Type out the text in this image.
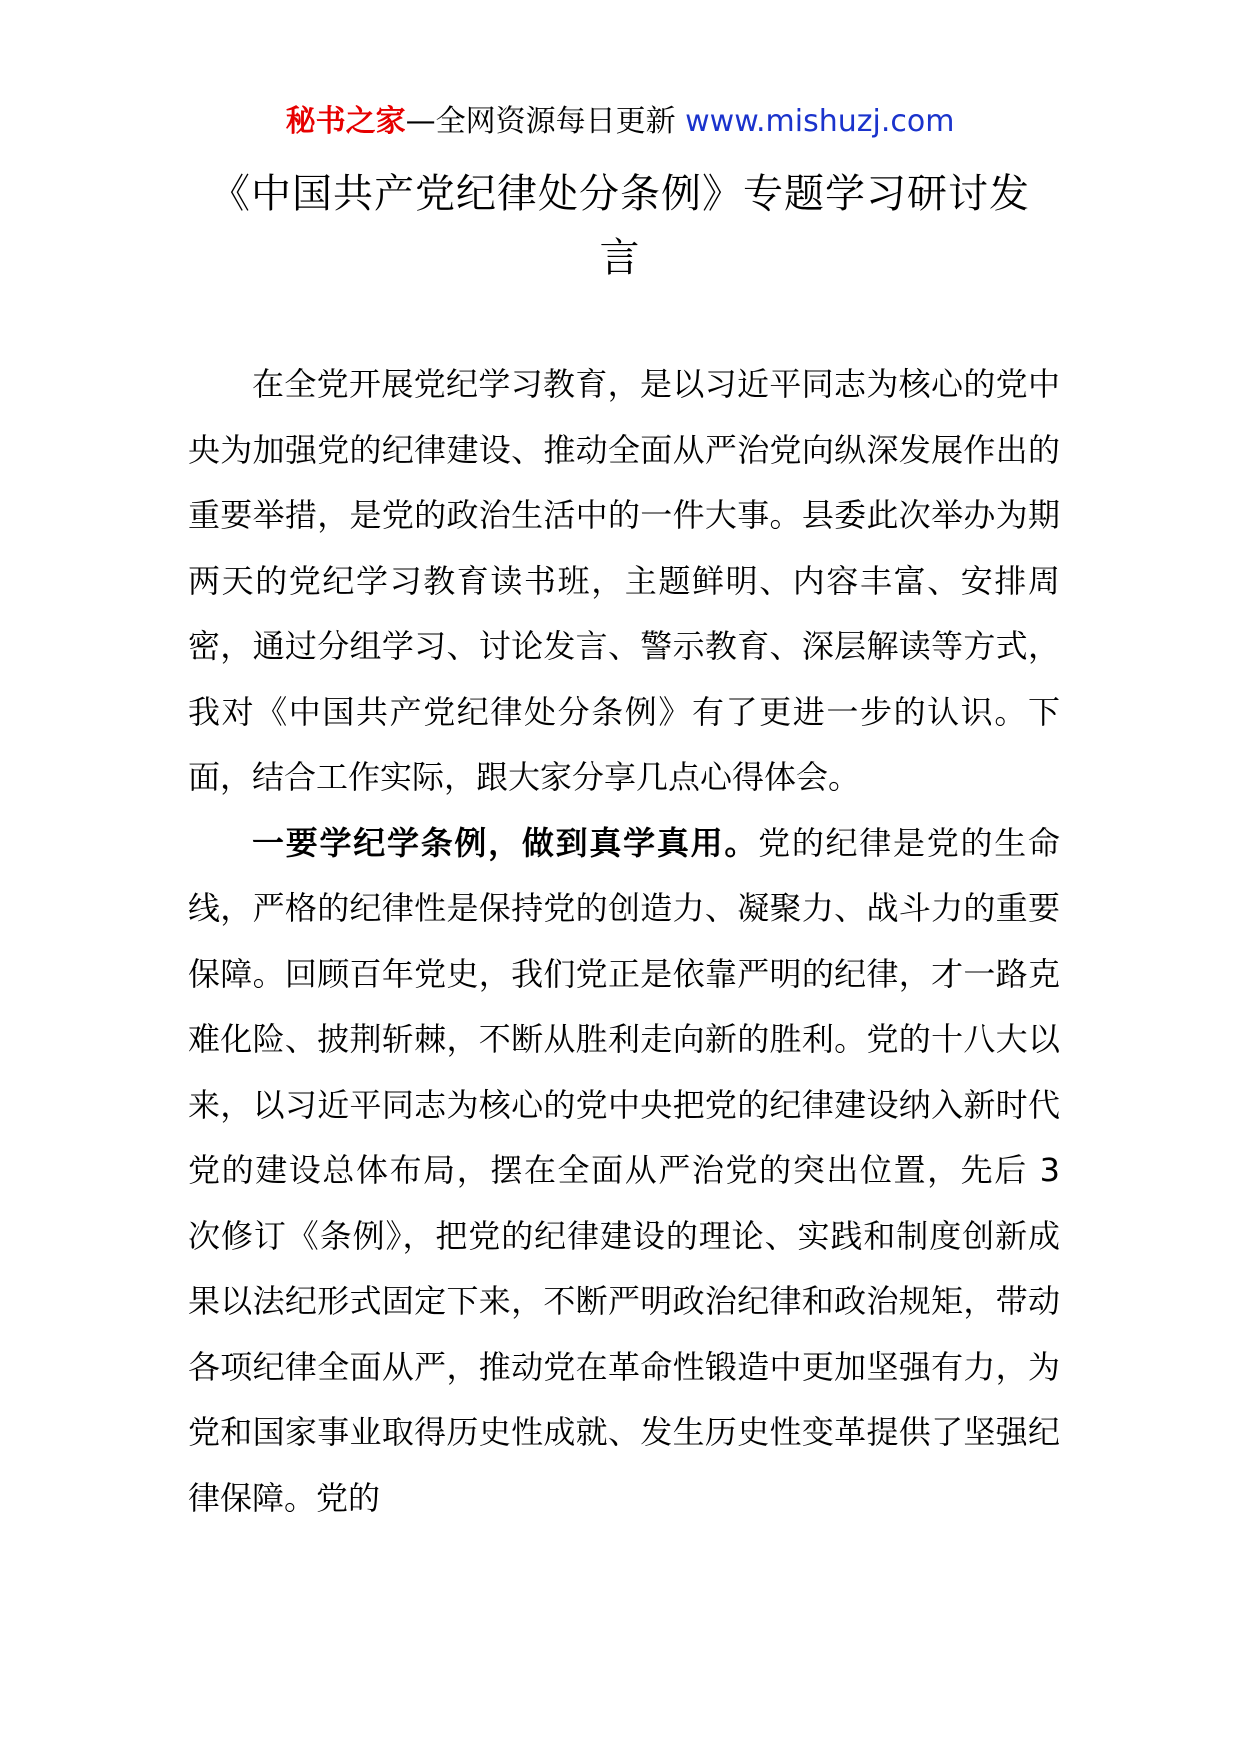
秘书之家—全网资源每日更新 www.mishuzj.com
《中国共产党纪律处分条例》专题学习研讨发言

在全党开展党纪学习教育，是以习近平同志为核心的党中央为加强党的纪律建设、推动全面从严治党向纵深发展作出的重要举措，是党的政治生活中的一件大事。县委此次举办为期两天的党纪学习教育读书班，主题鲜明、内容丰富、安排周密，通过分组学习、讨论发言、警示教育、深层解读等方式，我对《中国共产党纪律处分条例》有了更进一步的认识。下面，结合工作实际，跟大家分享几点心得体会。

一要学纪学条例，做到真学真用。党的纪律是党的生命线，严格的纪律性是保持党的创造力、凝聚力、战斗力的重要保障。回顾百年党史，我们党正是依靠严明的纪律，才一路克难化险、披荆斩棘，不断从胜利走向新的胜利。党的十八大以来，以习近平同志为核心的党中央把党的纪律建设纳入新时代党的建设总体布局，摆在全面从严治党的突出位置，先后 3 次修订《条例》，把党的纪律建设的理论、实践和制度创新成果以法纪形式固定下来，不断严明政治纪律和政治规矩，带动各项纪律全面从严，推动党在革命性锻造中更加坚强有力，为党和国家事业取得历史性成就、发生历史性变革提供了坚强纪律保障。党的
